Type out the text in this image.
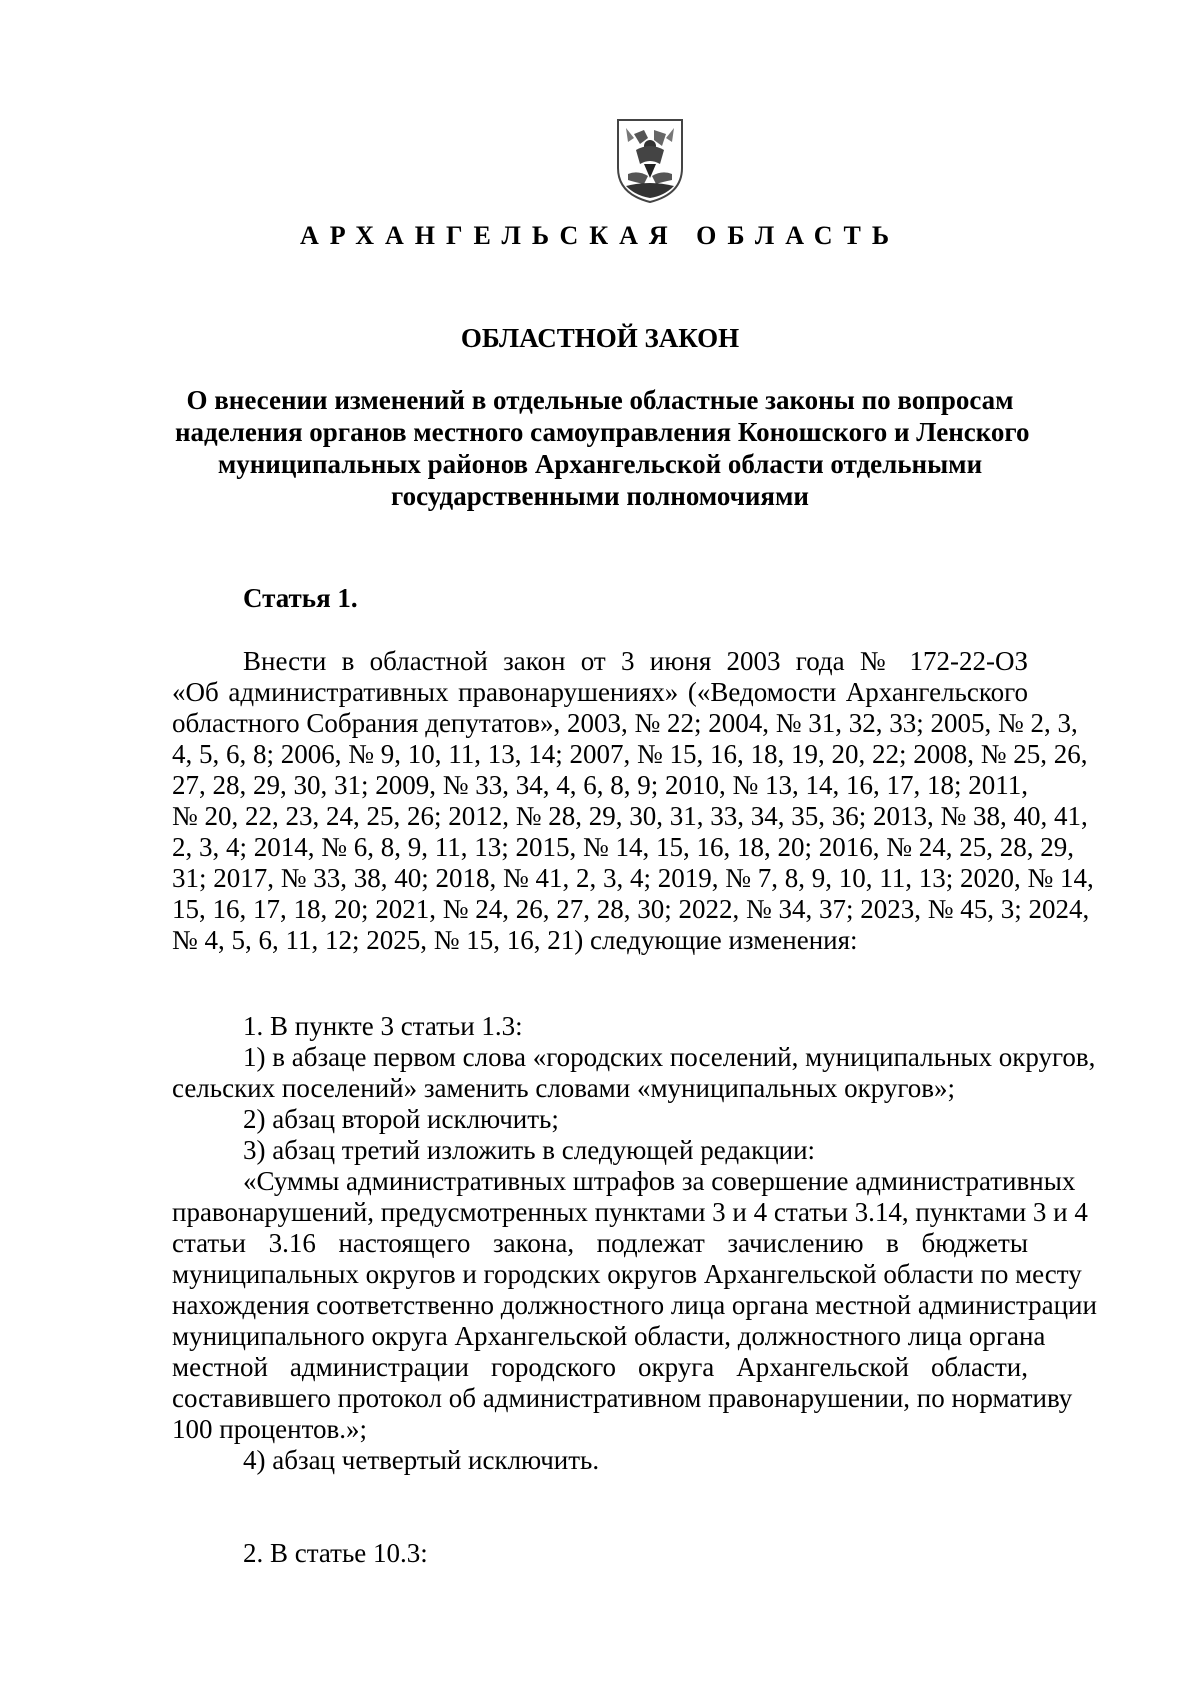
АРХАНГЕЛЬСКАЯ ОБЛАСТЬ
ОБЛАСТНОЙ ЗАКОН
О внесении изменений в отдельные областные законы по вопросам
наделения органов местного самоуправления Коношского и Ленского
муниципальных районов Архангельской области отдельными
государственными полномочиями
Статья 1.
Внести в областной закон от 3 июня 2003 года № 172-22-ОЗ
«Об административных правонарушениях» («Ведомости Архангельского
областного Собрания депутатов», 2003, № 22; 2004, № 31, 32, 33; 2005, № 2, 3,
4, 5, 6, 8; 2006, № 9, 10, 11, 13, 14; 2007, № 15, 16, 18, 19, 20, 22; 2008, № 25, 26,
27, 28, 29, 30, 31; 2009, № 33, 34, 4, 6, 8, 9; 2010, № 13, 14, 16, 17, 18; 2011,
№ 20, 22, 23, 24, 25, 26; 2012, № 28, 29, 30, 31, 33, 34, 35, 36; 2013, № 38, 40, 41,
2, 3, 4; 2014, № 6, 8, 9, 11, 13; 2015, № 14, 15, 16, 18, 20; 2016, № 24, 25, 28, 29,
31; 2017, № 33, 38, 40; 2018, № 41, 2, 3, 4; 2019, № 7, 8, 9, 10, 11, 13; 2020, № 14,
15, 16, 17, 18, 20; 2021, № 24, 26, 27, 28, 30; 2022, № 34, 37; 2023, № 45, 3; 2024,
№ 4, 5, 6, 11, 12; 2025, № 15, 16, 21) следующие изменения:
1. В пункте 3 статьи 1.3:
1) в абзаце первом слова «городских поселений, муниципальных округов,
сельских поселений» заменить словами «муниципальных округов»;
2) абзац второй исключить;
3) абзац третий изложить в следующей редакции:
«Суммы административных штрафов за совершение административных
правонарушений, предусмотренных пунктами 3 и 4 статьи 3.14, пунктами 3 и 4
статьи 3.16 настоящего закона, подлежат зачислению в бюджеты
муниципальных округов и городских округов Архангельской области по месту
нахождения соответственно должностного лица органа местной администрации
муниципального округа Архангельской области, должностного лица органа
местной администрации городского округа Архангельской области,
составившего протокол об административном правонарушении, по нормативу
100 процентов.»;
4) абзац четвертый исключить.
2. В статье 10.3:
